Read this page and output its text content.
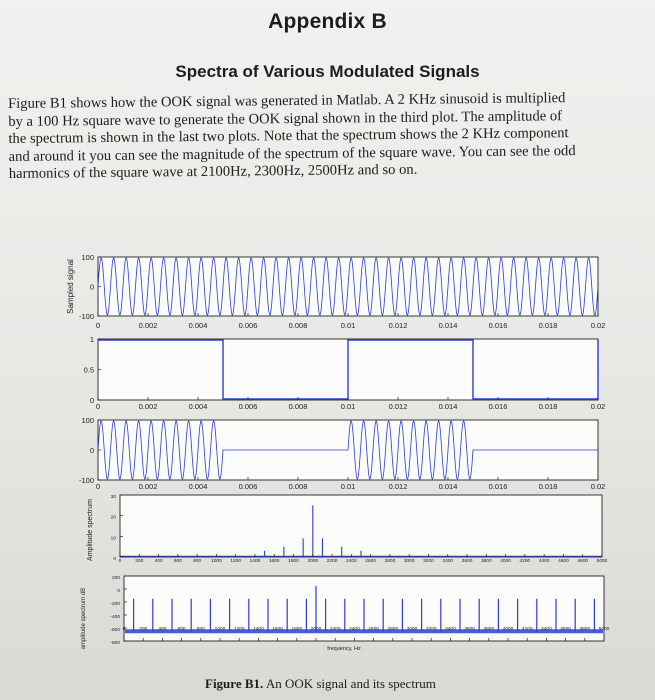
Appendix B
Spectra of Various Modulated Signals
Figure B1 shows how the OOK signal was generated in Matlab. A 2 KHz sinusoid is multiplied
by a 100 Hz square wave to generate the OOK signal shown in the third plot. The amplitude of
the spectrum is shown in the last two plots. Note that the spectrum shows the 2 KHz component
and around it you can see the magnitude of the spectrum of the square wave. You can see the odd
harmonics of the square wave at 2100Hz, 2300Hz, 2500Hz and so on.
0	0.002	0.004	0.006	0.008	0.01	0.012	0.014	0.016	0.018	0.02
100
0
-100
Sampled signal
0	0.002	0.004	0.006	0.008	0.01	0.012	0.014	0.016	0.018	0.02
1
0.5
0
0	0.002	0.004	0.006	0.008	0.01	0.012	0.014	0.016	0.018	0.02
100
0
-100
0	200 400 600 800 1000 1200 1400 1600 1800 2000 2200 2400 2600 2800 3000 3200 3400 3600 3800 4000 4200 4400 4600 4800 5000
30
20
10
0
Amplitude spectrum
0	200 400 600 800 1000 1200 1400 1600 1800 2000 2200 2400 2600 2800 3000 3200 3400 3600 3800 4000 4200 4400 4600 4800 5000
200
0
-200
-400
-600
-800
frequency, Hz
amplitude spectrum dB
Figure B1. An OOK signal and its spectrum
